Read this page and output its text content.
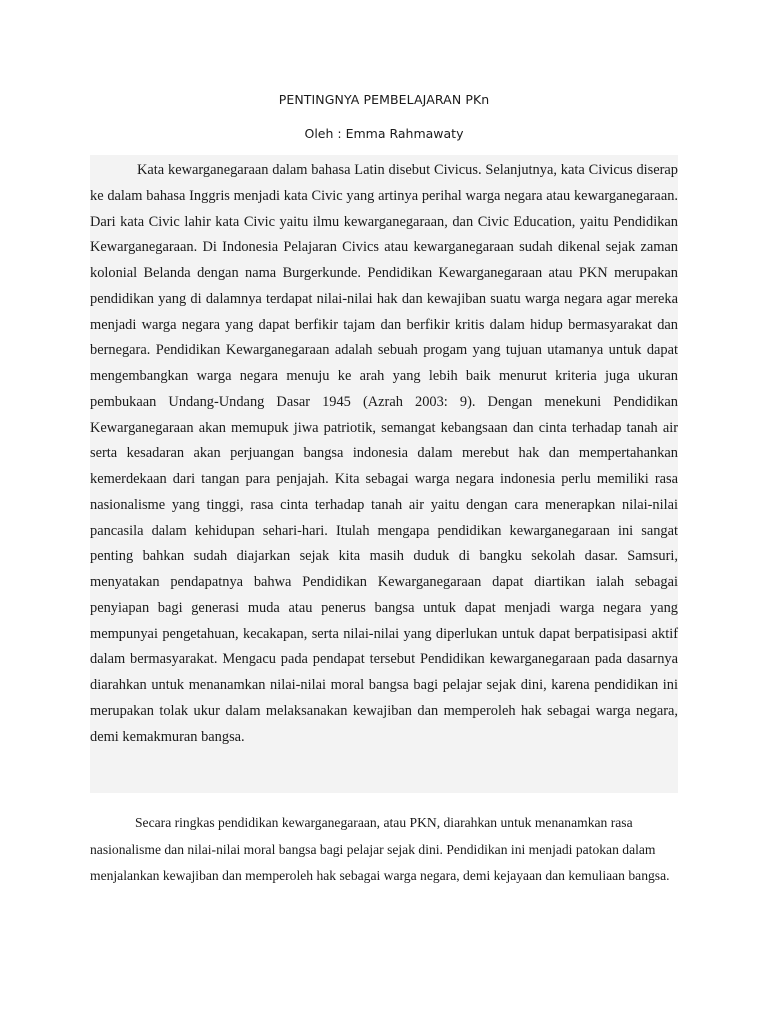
PENTINGNYA PEMBELAJARAN PKn
Oleh : Emma Rahmawaty

Kata kewarganegaraan dalam bahasa Latin disebut Civicus. Selanjutnya, kata Civicus diserap ke dalam bahasa Inggris menjadi kata Civic yang artinya perihal warga negara atau kewarganegaraan. Dari kata Civic lahir kata Civic yaitu ilmu kewarganegaraan, dan Civic Education, yaitu Pendidikan Kewarganegaraan. Di Indonesia Pelajaran Civics atau kewarganegaraan sudah dikenal sejak zaman kolonial Belanda dengan nama Burgerkunde. Pendidikan Kewarganegaraan atau PKN merupakan pendidikan yang di dalamnya terdapat nilai-nilai hak dan kewajiban suatu warga negara agar mereka menjadi warga negara yang dapat berfikir tajam dan berfikir kritis dalam hidup bermasyarakat dan bernegara. Pendidikan Kewarganegaraan adalah sebuah progam yang tujuan utamanya untuk dapat mengembangkan warga negara menuju ke arah yang lebih baik menurut kriteria juga ukuran pembukaan Undang-Undang Dasar 1945 (Azrah 2003: 9). Dengan menekuni Pendidikan Kewarganegaraan akan memupuk jiwa patriotik, semangat kebangsaan dan cinta terhadap tanah air serta kesadaran akan perjuangan bangsa indonesia dalam merebut hak dan mempertahankan kemerdekaan dari tangan para penjajah. Kita sebagai warga negara indonesia perlu memiliki rasa nasionalisme yang tinggi, rasa cinta terhadap tanah air yaitu dengan cara menerapkan nilai-nilai pancasila dalam kehidupan sehari-hari. Itulah mengapa pendidikan kewarganegaraan ini sangat penting bahkan sudah diajarkan sejak kita masih duduk di bangku sekolah dasar. Samsuri, menyatakan pendapatnya bahwa Pendidikan Kewarganegaraan dapat diartikan ialah sebagai penyiapan bagi generasi muda atau penerus bangsa untuk dapat menjadi warga negara yang mempunyai pengetahuan, kecakapan, serta nilai-nilai yang diperlukan untuk dapat berpatisipasi aktif dalam bermasyarakat. Mengacu pada pendapat tersebut Pendidikan kewarganegaraan pada dasarnya diarahkan untuk menanamkan nilai-nilai moral bangsa bagi pelajar sejak dini, karena pendidikan ini merupakan tolak ukur dalam melaksanakan kewajiban dan memperoleh hak sebagai warga negara, demi kemakmuran bangsa.

Secara ringkas pendidikan kewarganegaraan, atau PKN, diarahkan untuk menanamkan rasa nasionalisme dan nilai-nilai moral bangsa bagi pelajar sejak dini. Pendidikan ini menjadi patokan dalam menjalankan kewajiban dan memperoleh hak sebagai warga negara, demi kejayaan dan kemuliaan bangsa.
